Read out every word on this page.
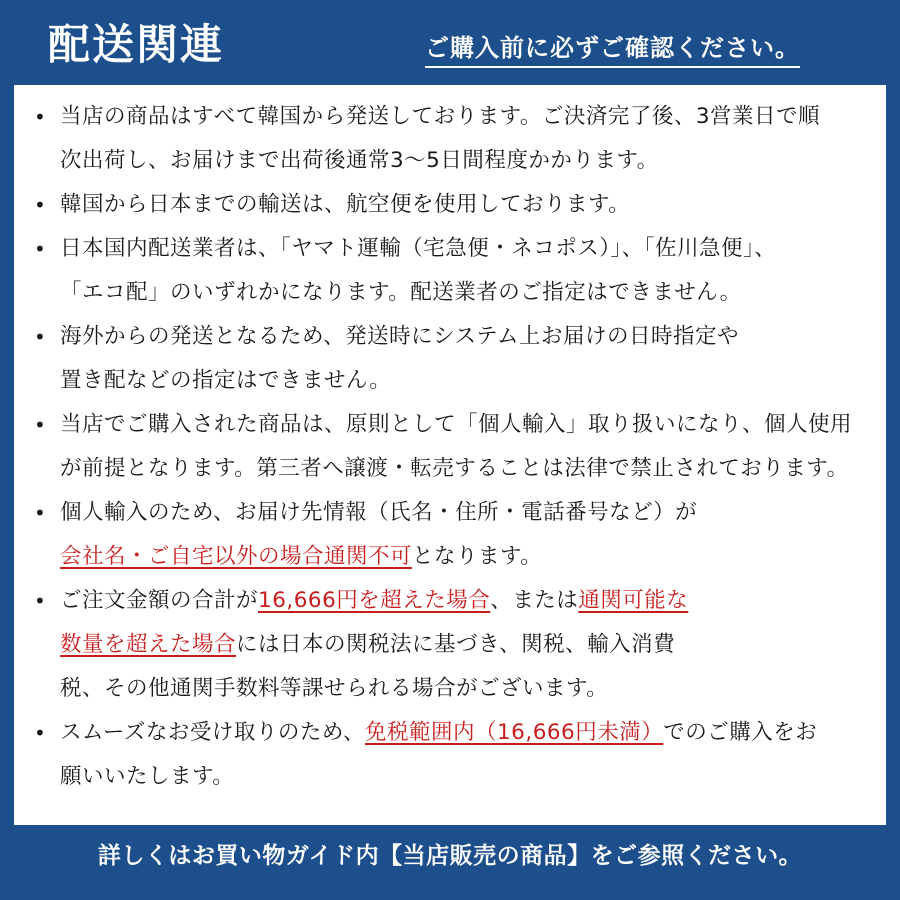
配送関連	ご購入前に必ずご確認ください。
• 当店の商品はすべて韓国から発送しております。ご決済完了後、3営業日で順
次出荷し、お届けまで出荷後通常3～5日間程度かかります。
• 韓国から日本までの輸送は、航空便を使用しております。
• 日本国内配送業者は、「ヤマト運輸（宅急便・ネコポス）」、「佐川急便」、
「エコ配」のいずれかになります。配送業者のご指定はできません。
• 海外からの発送となるため、発送時にシステム上お届けの日時指定や
置き配などの指定はできません。
• 当店でご購入された商品は、原則として「個人輸入」取り扱いになり、個人使用
が前提となります。第三者へ譲渡・転売することは法律で禁止されております。
• 個人輸入のため、お届け先情報（氏名・住所・電話番号など）が
会社名・ご自宅以外の場合通関不可となります。
• ご注文金額の合計が16,666円を超えた場合、または通関可能な
数量を超えた場合には日本の関税法に基づき、関税、輸入消費
税、その他通関手数料等課せられる場合がございます。
• スムーズなお受け取りのため、免税範囲内（16,666円未満）でのご購入をお
願いいたします。
詳しくはお買い物ガイド内【当店販売の商品】をご参照ください。
